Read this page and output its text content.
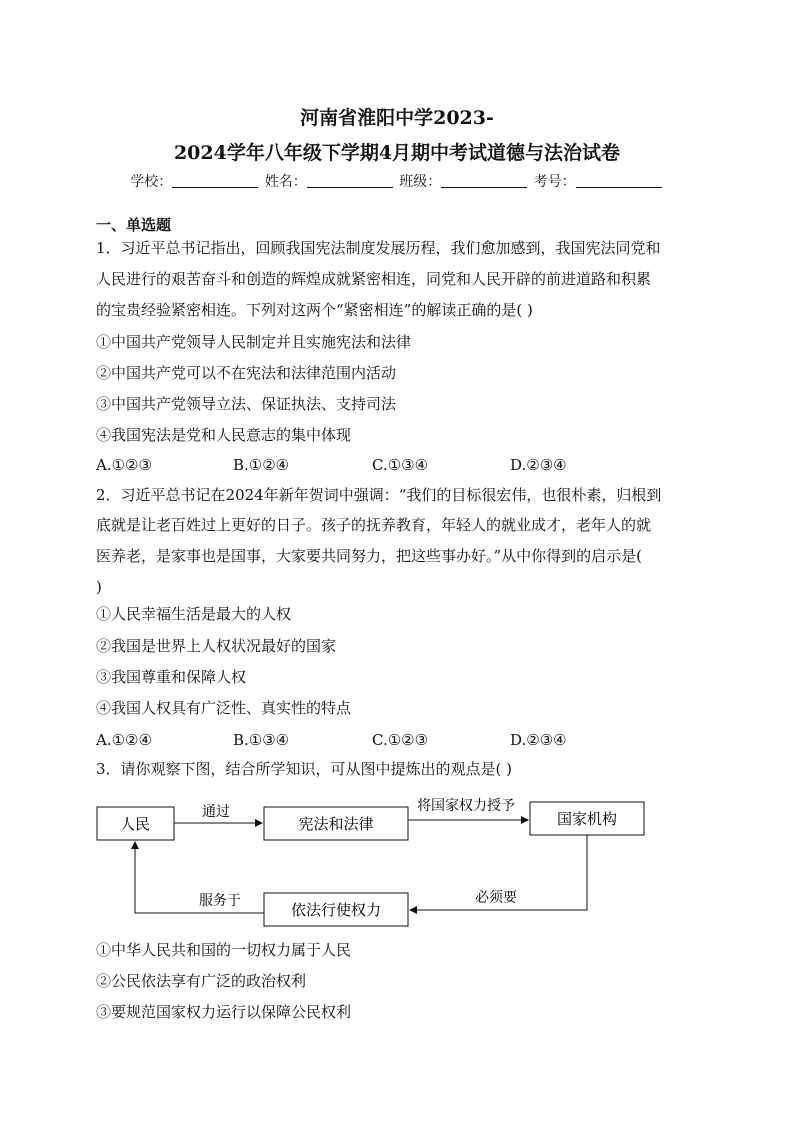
河南省淮阳中学2023-
2024学年八年级下学期4月期中考试道德与法治试卷
学校：	姓名：	班级：	考号：
一、单选题
1．习近平总书记指出，回顾我国宪法制度发展历程，我们愈加感到，我国宪法同党和
人民进行的艰苦奋斗和创造的辉煌成就紧密相连，同党和人民开辟的前进道路和积累
的宝贵经验紧密相连。下列对这两个“紧密相连”的解读正确的是( )
①中国共产党领导人民制定并且实施宪法和法律
②中国共产党可以不在宪法和法律范围内活动
③中国共产党领导立法、保证执法、支持司法
④我国宪法是党和人民意志的集中体现
A.①②③	B.①②④	C.①③④	D.②③④
2．习近平总书记在2024年新年贺词中强调：“我们的目标很宏伟，也很朴素，归根到
底就是让老百姓过上更好的日子。孩子的抚养教育，年轻人的就业成才，老年人的就
医养老，是家事也是国事，大家要共同努力，把这些事办好。”从中你得到的启示是(
)
①人民幸福生活是最大的人权
②我国是世界上人权状况最好的国家
③我国尊重和保障人权
④我国人权具有广泛性、真实性的特点
A.①②④	B.①③④	C.①②③	D.②③④
3．请你观察下图，结合所学知识，可从图中提炼出的观点是( )
人民	宪法和法律	国家机构
依法行使权力
通过	将国家权力授予
必须要
服务于
①中华人民共和国的一切权力属于人民
②公民依法享有广泛的政治权利
③要规范国家权力运行以保障公民权利
